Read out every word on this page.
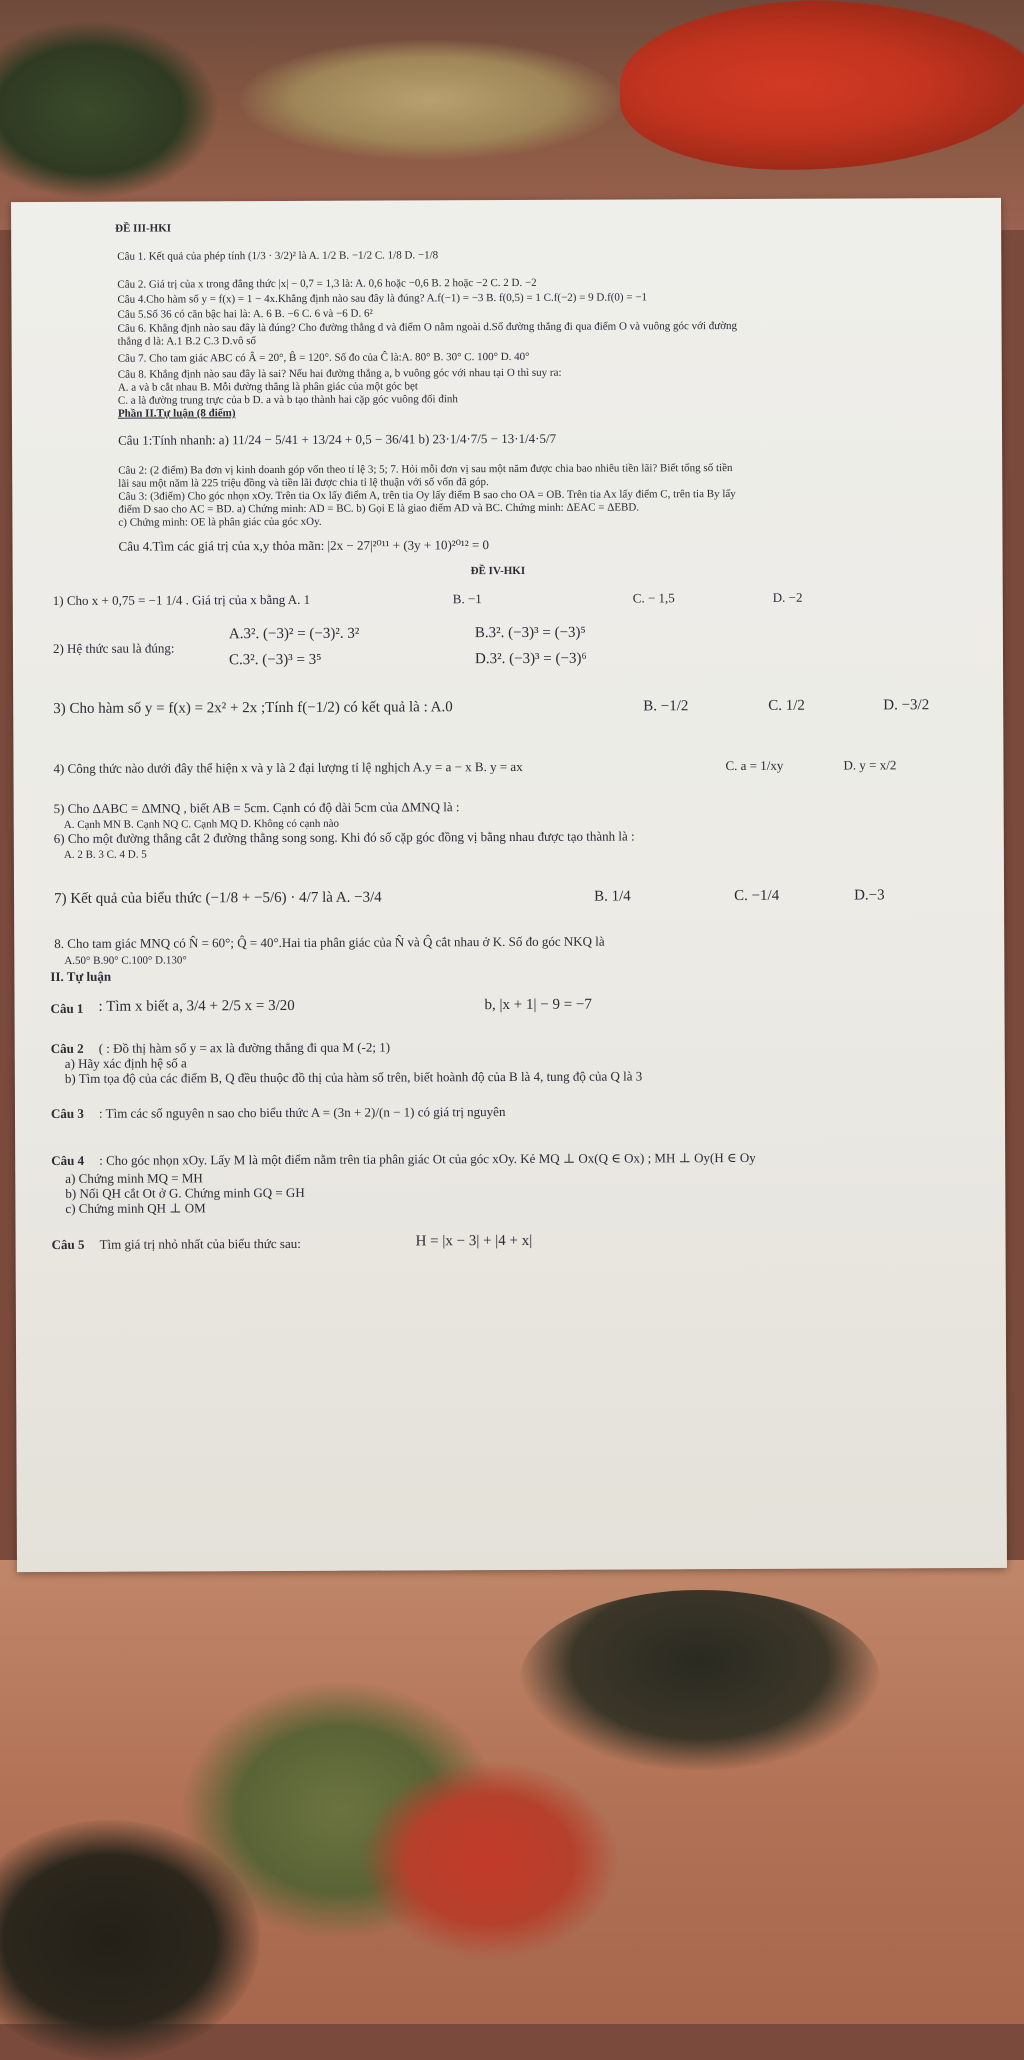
ĐỀ III-HKI
Câu 1. Kết quả của phép tính (1/3 · 3/2)² là A. 1/2 B. −1/2 C. 1/8 D. −1/8
Câu 2. Giá trị của x trong đẳng thức |x| − 0,7 = 1,3 là: A. 0,6 hoặc −0,6 B. 2 hoặc −2 C. 2 D. −2
Câu 4.Cho hàm số y = f(x) = 1 − 4x.Khẳng định nào sau đây là đúng? A.f(−1) = −3 B. f(0,5) = 1 C.f(−2) = 9 D.f(0) = −1
Câu 5.Số 36 có căn bậc hai là: A. 6 B. −6 C. 6 và −6 D. 6²
Câu 6. Khẳng định nào sau đây là đúng? Cho đường thẳng d và điểm O nằm ngoài d.Số đường thẳng đi qua điểm O và vuông góc với đường
thẳng d là: A.1 B.2 C.3 D.vô số
Câu 7. Cho tam giác ABC có Â = 20°, B̂ = 120°. Số đo của Ĉ là:A. 80° B. 30° C. 100° D. 40°
Câu 8. Khẳng định nào sau đây là sai? Nếu hai đường thẳng a, b vuông góc với nhau tại O thì suy ra:
A. a và b cắt nhau B. Mỗi đường thẳng là phân giác của một góc bẹt
C. a là đường trung trực của b D. a và b tạo thành hai cặp góc vuông đối đỉnh
Phần II.Tự luận (8 điểm)
Câu 1:Tính nhanh: a) 11/24 − 5/41 + 13/24 + 0,5 − 36/41 b) 23·1/4·7/5 − 13·1/4·5/7
Câu 2: (2 điểm) Ba đơn vị kinh doanh góp vốn theo tỉ lệ 3; 5; 7. Hỏi mỗi đơn vị sau một năm được chia bao nhiêu tiền lãi? Biết tổng số tiền
lãi sau một năm là 225 triệu đồng và tiền lãi được chia tỉ lệ thuận với số vốn đã góp.
Câu 3: (3điểm) Cho góc nhọn xOy. Trên tia Ox lấy điểm A, trên tia Oy lấy điểm B sao cho OA = OB. Trên tia Ax lấy điểm C, trên tia By lấy
điểm D sao cho AC = BD. a) Chứng minh: AD = BC. b) Gọi E là giao điểm AD và BC. Chứng minh: ΔEAC = ΔEBD.
c) Chứng minh: OE là phân giác của góc xOy.
Câu 4.Tìm các giá trị của x,y thỏa mãn: |2x − 27|²⁰¹¹ + (3y + 10)²⁰¹² = 0
ĐỀ IV-HKI
1) Cho x + 0,75 = −1 1/4 . Giá trị của x bằng A. 1	B. −1	C. − 1,5	D. −2
2) Hệ thức sau là đúng:
A.3². (−3)² = (−3)². 3²	B.3². (−3)³ = (−3)⁵
C.3². (−3)³ = 3⁵	D.3². (−3)³ = (−3)⁶
3) Cho hàm số y = f(x) = 2x² + 2x ;Tính f(−1/2) có kết quả là : A.0	B. −1/2	C. 1/2	D. −3/2
4) Công thức nào dưới đây thể hiện x và y là 2 đại lượng tỉ lệ nghịch A.y = a − x B. y = ax	C. a = 1/xy	D. y = x/2
5) Cho ΔABC = ΔMNQ , biết AB = 5cm. Cạnh có độ dài 5cm của ΔMNQ là :
A. Cạnh MN B. Cạnh NQ C. Cạnh MQ D. Không có cạnh nào
6) Cho một đường thẳng cắt 2 đường thẳng song song. Khi đó số cặp góc đồng vị bằng nhau được tạo thành là :
A. 2 B. 3 C. 4 D. 5
7) Kết quả của biểu thức (−1/8 + −5/6) · 4/7 là A. −3/4	B. 1/4	C. −1/4	D.−3
8. Cho tam giác MNQ có N̂ = 60°; Q̂ = 40°.Hai tia phân giác của N̂ và Q̂ cắt nhau ở K. Số đo góc NKQ là
A.50° B.90° C.100° D.130°
II. Tự luận
Câu 1 : Tìm x biết a, 3/4 + 2/5 x = 3/20	b, |x + 1| − 9 = −7
Câu 2 ( : Đồ thị hàm số y = ax là đường thẳng đi qua M (-2; 1)
a) Hãy xác định hệ số a
b) Tìm tọa độ của các điểm B, Q đều thuộc đồ thị của hàm số trên, biết hoành độ của B là 4, tung độ của Q là 3
Câu 3 : Tìm các số nguyên n sao cho biểu thức A = (3n + 2)/(n − 1) có giá trị nguyên
Câu 4 : Cho góc nhọn xOy. Lấy M là một điểm nằm trên tia phân giác Ot của góc xOy. Kẻ MQ ⊥ Ox(Q ∈ Ox) ; MH ⊥ Oy(H ∈ Oy
a) Chứng minh MQ = MH
b) Nối QH cắt Ot ở G. Chứng minh GQ = GH
c) Chứng minh QH ⊥ OM
Câu 5 Tìm giá trị nhỏ nhất của biểu thức sau:	H = |x − 3| + |4 + x|
